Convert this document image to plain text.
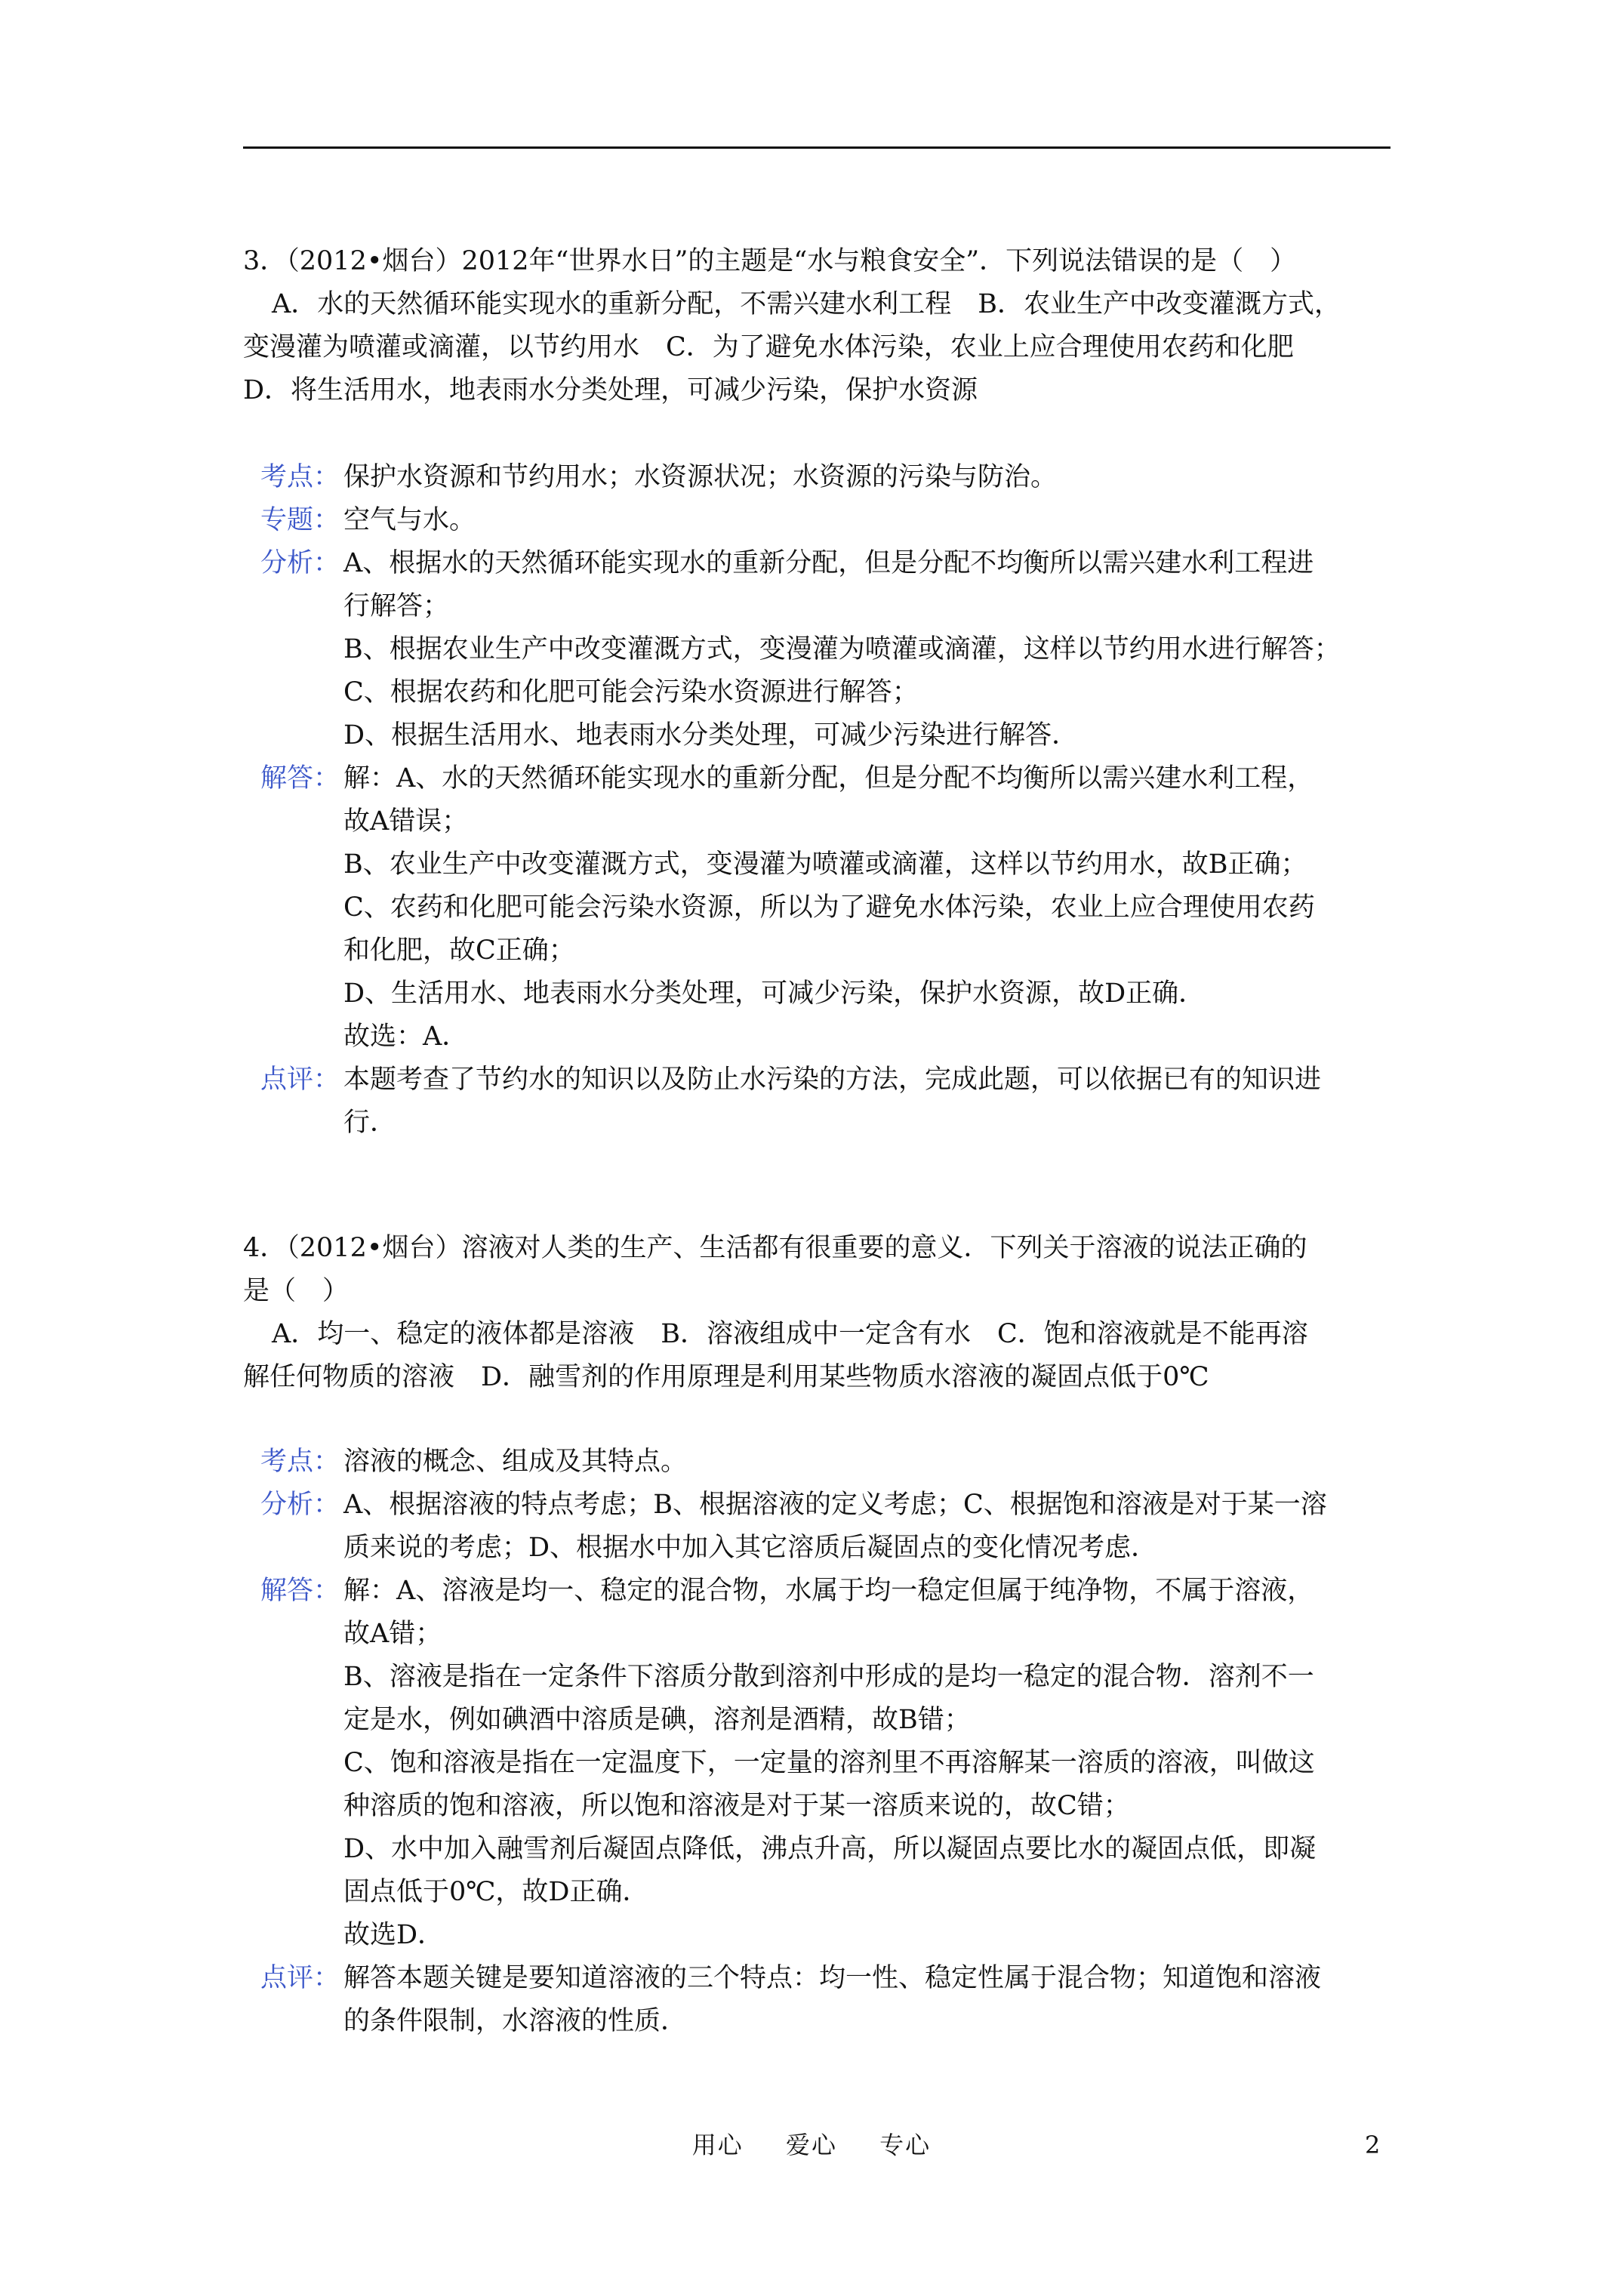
3．（2012•烟台）2012年“世界水日”的主题是“水与粮食安全”．下列说法错误的是（　）

A．水的天然循环能实现水的重新分配，不需兴建水利工程　B．农业生产中改变灌溉方式，

变漫灌为喷灌或滴灌，以节约用水　C．为了避免水体污染，农业上应合理使用农药和化肥

D．将生活用水，地表雨水分类处理，可减少污染，保护水资源

考点： 保护水资源和节约用水；水资源状况；水资源的污染与防治。

专题： 空气与水。

分析： A、根据水的天然循环能实现水的重新分配，但是分配不均衡所以需兴建水利工程进

行解答；

B、根据农业生产中改变灌溉方式，变漫灌为喷灌或滴灌，这样以节约用水进行解答；

C、根据农药和化肥可能会污染水资源进行解答；

D、根据生活用水、地表雨水分类处理，可减少污染进行解答．

解答： 解：A、水的天然循环能实现水的重新分配，但是分配不均衡所以需兴建水利工程，

故A错误；

B、农业生产中改变灌溉方式，变漫灌为喷灌或滴灌，这样以节约用水，故B正确；

C、农药和化肥可能会污染水资源，所以为了避免水体污染，农业上应合理使用农药

和化肥，故C正确；

D、生活用水、地表雨水分类处理，可减少污染，保护水资源，故D正确．

故选：A．

点评： 本题考查了节约水的知识以及防止水污染的方法，完成此题，可以依据已有的知识进

行．

4．（2012•烟台）溶液对人类的生产、生活都有很重要的意义．下列关于溶液的说法正确的

是（　）

A．均一、稳定的液体都是溶液　B．溶液组成中一定含有水　C．饱和溶液就是不能再溶

解任何物质的溶液　D．融雪剂的作用原理是利用某些物质水溶液的凝固点低于0℃

考点： 溶液的概念、组成及其特点。

分析： A、根据溶液的特点考虑；B、根据溶液的定义考虑；C、根据饱和溶液是对于某一溶

质来说的考虑；D、根据水中加入其它溶质后凝固点的变化情况考虑．

解答： 解：A、溶液是均一、稳定的混合物，水属于均一稳定但属于纯净物，不属于溶液，

故A错；

B、溶液是指在一定条件下溶质分散到溶剂中形成的是均一稳定的混合物．溶剂不一

定是水，例如碘酒中溶质是碘，溶剂是酒精，故B错；

C、饱和溶液是指在一定温度下，一定量的溶剂里不再溶解某一溶质的溶液，叫做这

种溶质的饱和溶液，所以饱和溶液是对于某一溶质来说的，故C错；

D、水中加入融雪剂后凝固点降低，沸点升高，所以凝固点要比水的凝固点低，即凝

固点低于0℃，故D正确．

故选D．

点评： 解答本题关键是要知道溶液的三个特点：均一性、稳定性属于混合物；知道饱和溶液

的条件限制，水溶液的性质．

用心 爱心 专心	2
